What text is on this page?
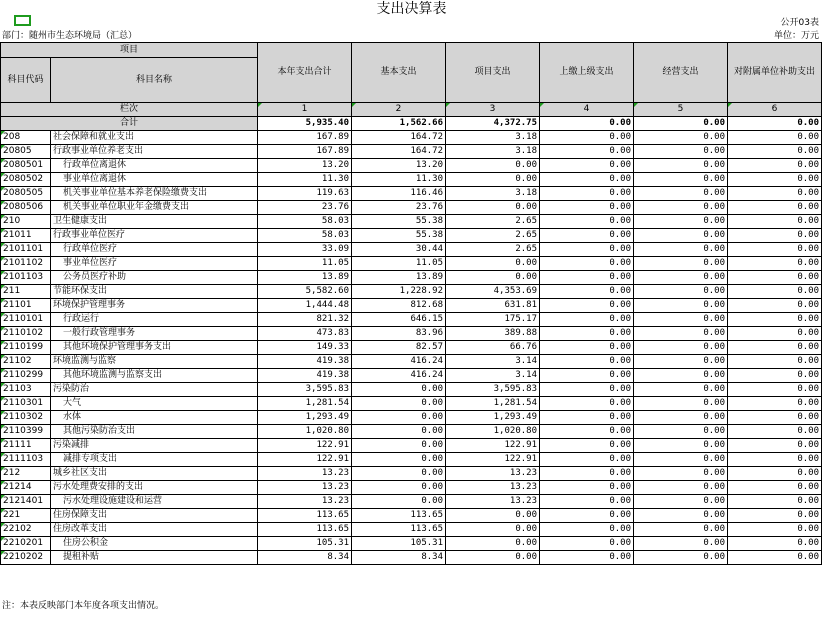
支出决算表
公开03表
部门：随州市生态环境局（汇总）	单位：万元
项目		本年支出合计	基本支出	项目支出	上缴上级支出	经营支出	对附属单位补助支出
科目代码	科目名称						

栏次		1	2	3	4	5	6
合计		5,935.40	1,562.66	4,372.75	0.00	0.00	0.00
208	社会保障和就业支出	167.89	164.72	3.18	0.00	0.00	0.00
20805	行政事业单位养老支出	167.89	164.72	3.18	0.00	0.00	0.00
2080501	行政单位离退休	13.20	13.20	0.00	0.00	0.00	0.00
2080502	事业单位离退休	11.30	11.30	0.00	0.00	0.00	0.00
2080505	机关事业单位基本养老保险缴费支出	119.63	116.46	3.18	0.00	0.00	0.00
2080506	机关事业单位职业年金缴费支出	23.76	23.76	0.00	0.00	0.00	0.00
210	卫生健康支出	58.03	55.38	2.65	0.00	0.00	0.00
21011	行政事业单位医疗	58.03	55.38	2.65	0.00	0.00	0.00
2101101	行政单位医疗	33.09	30.44	2.65	0.00	0.00	0.00
2101102	事业单位医疗	11.05	11.05	0.00	0.00	0.00	0.00
2101103	公务员医疗补助	13.89	13.89	0.00	0.00	0.00	0.00
211	节能环保支出	5,582.60	1,228.92	4,353.69	0.00	0.00	0.00
21101	环境保护管理事务	1,444.48	812.68	631.81	0.00	0.00	0.00
2110101	行政运行	821.32	646.15	175.17	0.00	0.00	0.00
2110102	一般行政管理事务	473.83	83.96	389.88	0.00	0.00	0.00
2110199	其他环境保护管理事务支出	149.33	82.57	66.76	0.00	0.00	0.00
21102	环境监测与监察	419.38	416.24	3.14	0.00	0.00	0.00
2110299	其他环境监测与监察支出	419.38	416.24	3.14	0.00	0.00	0.00
21103	污染防治	3,595.83	0.00	3,595.83	0.00	0.00	0.00
2110301	大气	1,281.54	0.00	1,281.54	0.00	0.00	0.00
2110302	水体	1,293.49	0.00	1,293.49	0.00	0.00	0.00
2110399	其他污染防治支出	1,020.80	0.00	1,020.80	0.00	0.00	0.00
21111	污染减排	122.91	0.00	122.91	0.00	0.00	0.00
2111103	减排专项支出	122.91	0.00	122.91	0.00	0.00	0.00
212	城乡社区支出	13.23	0.00	13.23	0.00	0.00	0.00
21214	污水处理费安排的支出	13.23	0.00	13.23	0.00	0.00	0.00
2121401	污水处理设施建设和运营	13.23	0.00	13.23	0.00	0.00	0.00
221	住房保障支出	113.65	113.65	0.00	0.00	0.00	0.00
22102	住房改革支出	113.65	113.65	0.00	0.00	0.00	0.00
2210201	住房公积金	105.31	105.31	0.00	0.00	0.00	0.00
2210202	提租补贴	8.34	8.34	0.00	0.00	0.00	0.00
注：本表反映部门本年度各项支出情况。
